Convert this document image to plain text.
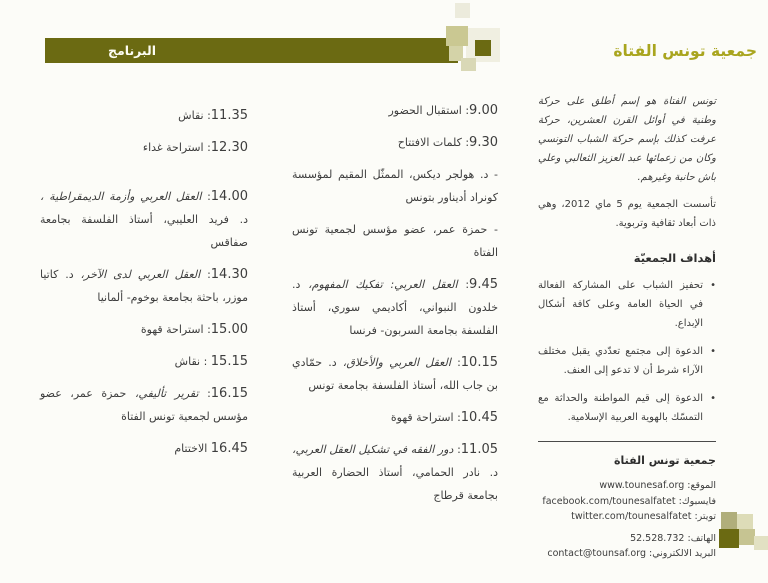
البرنامج	جمعية تونس الفتاة

تونس الفتاة هو إسم أطلق على حركة وطنية في أوائل القرن العشرين، حركة عرفت كذلك بإسم حركة الشباب التونسي وكان من زعمائها عبد العزيز الثعالبي وعلي باش حانبة وغيرهم.

تأسست الجمعية يوم 5 ماي 2012، وهي ذات أبعاد ثقافية وتربوية.

أهداف الجمعيّة
•
تحفيز الشباب على المشاركة الفعالة في الحياة العامة وعلى كافة أشكال الإبداع.
•
الدعوة إلى مجتمع تعدّدي يقبل مختلف الآراء شرط أن لا تدعو إلى العنف.
•
الدعوة إلى قيم المواطنة والحداثة مع التمسّك بالهوية العربية الإسلامية.
جمعية تونس الفتاة
الموقع: www.tounesaf.org
فايسبوك: facebook.com/tounesalfatet
تويتر: twitter.com/tounesalfatet
الهاتف: 52.528.732
البريد الالكتروني: contact@tounsaf.org
9.00: استقبال الحضور
9.30: كلمات الافتتاح
- د. هولجر ديكس، الممثّل المقيم لمؤسسة كونراد أديناور بتونس
- حمزة عمر، عضو مؤسس لجمعية تونس الفتاة
9.45: العقل العربي: تفكيك المفهوم، د. خلدون النبواني، أكاديمي سوري، أستاذ الفلسفة بجامعة السربون- فرنسا
10.15: العقل العربي والأخلاق، د. حمّادي بن جاب الله، أستاذ الفلسفة بجامعة تونس
10.45: استراحة قهوة
11.05: دور الفقه في تشكيل العقل العربي، د. نادر الحمامي، أستاذ الحضارة العربية بجامعة قرطاج
11.35: نقاش
12.30: استراحة غداء
14.00: العقل العربي وأزمة الديمقراطية ، د. فريد العليبي، أستاذ الفلسفة بجامعة صفاقس
14.30: العقل العربي لدى الآخر، د. كاتيا موزر، باحثة بجامعة بوخوم- ألمانيا
15.00: استراحة قهوة
15.15 : نقاش
16.15: تقرير تأليفي، حمزة عمر، عضو مؤسس لجمعية تونس الفتاة
16.45 الاختتام
